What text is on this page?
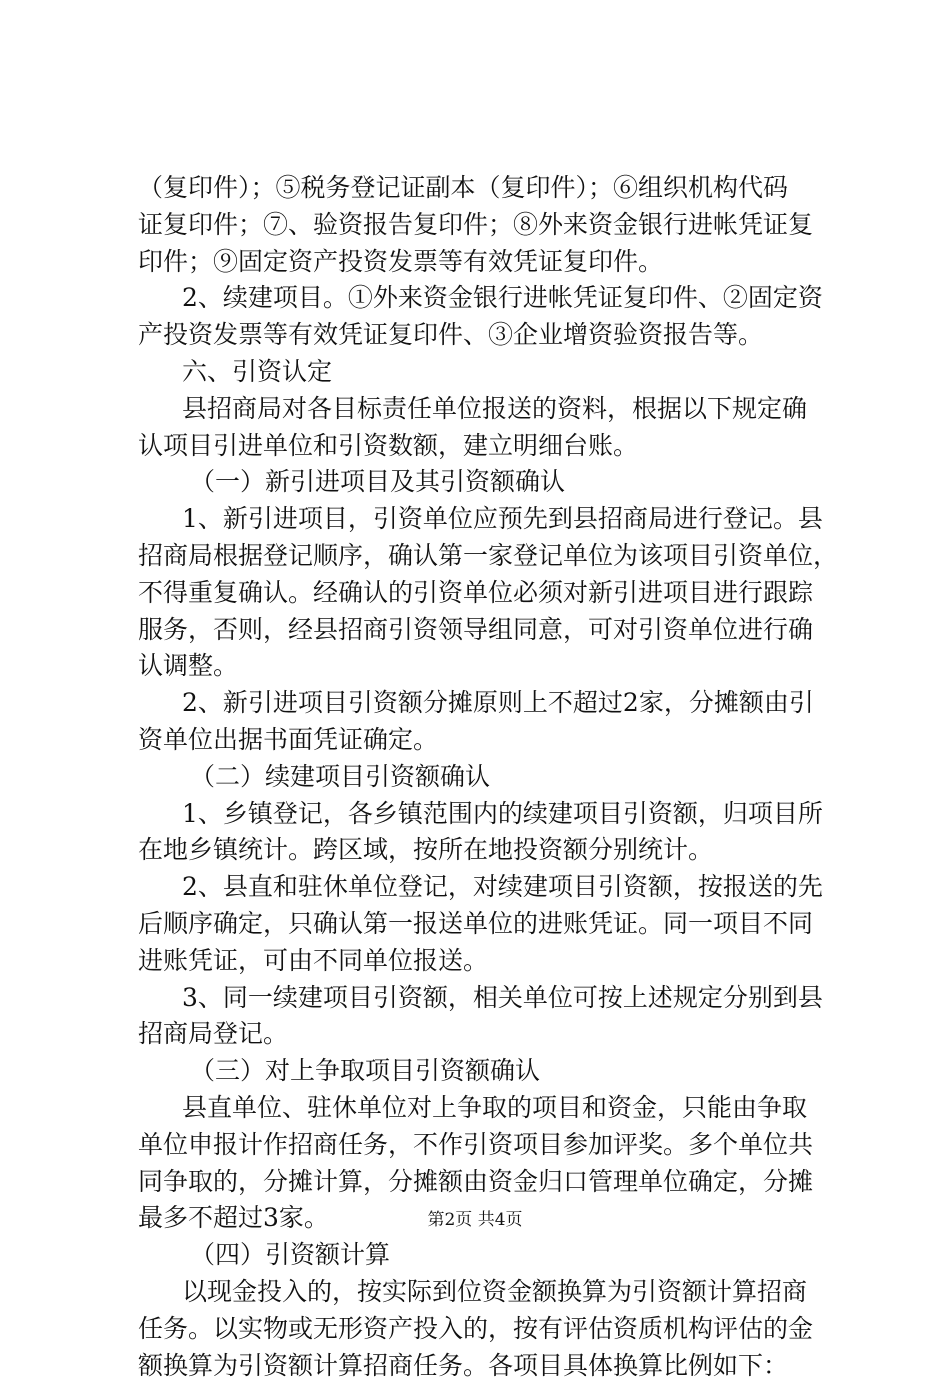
（复印件）；⑤税务登记证副本（复印件）；⑥组织机构代码
证复印件；⑦、验资报告复印件；⑧外来资金银行进帐凭证复
印件；⑨固定资产投资发票等有效凭证复印件。
2、续建项目。①外来资金银行进帐凭证复印件、②固定资
产投资发票等有效凭证复印件、③企业增资验资报告等。
六、引资认定
县招商局对各目标责任单位报送的资料，根据以下规定确
认项目引进单位和引资数额，建立明细台账。
（一）新引进项目及其引资额确认
1、新引进项目，引资单位应预先到县招商局进行登记。县
招商局根据登记顺序，确认第一家登记单位为该项目引资单位，
不得重复确认。经确认的引资单位必须对新引进项目进行跟踪
服务，否则，经县招商引资领导组同意，可对引资单位进行确
认调整。
2、新引进项目引资额分摊原则上不超过2家，分摊额由引
资单位出据书面凭证确定。
（二）续建项目引资额确认
1、乡镇登记，各乡镇范围内的续建项目引资额，归项目所
在地乡镇统计。跨区域，按所在地投资额分别统计。
2、县直和驻休单位登记，对续建项目引资额，按报送的先
后顺序确定，只确认第一报送单位的进账凭证。同一项目不同
进账凭证，可由不同单位报送。
3、同一续建项目引资额，相关单位可按上述规定分别到县
招商局登记。
（三）对上争取项目引资额确认
县直单位、驻休单位对上争取的项目和资金，只能由争取
单位申报计作招商任务，不作引资项目参加评奖。多个单位共
同争取的，分摊计算，分摊额由资金归口管理单位确定，分摊
最多不超过3家。
（四）引资额计算
以现金投入的，按实际到位资金额换算为引资额计算招商
任务。以实物或无形资产投入的，按有评估资质机构评估的金
额换算为引资额计算招商任务。各项目具体换算比例如下：
第2页 共4页
